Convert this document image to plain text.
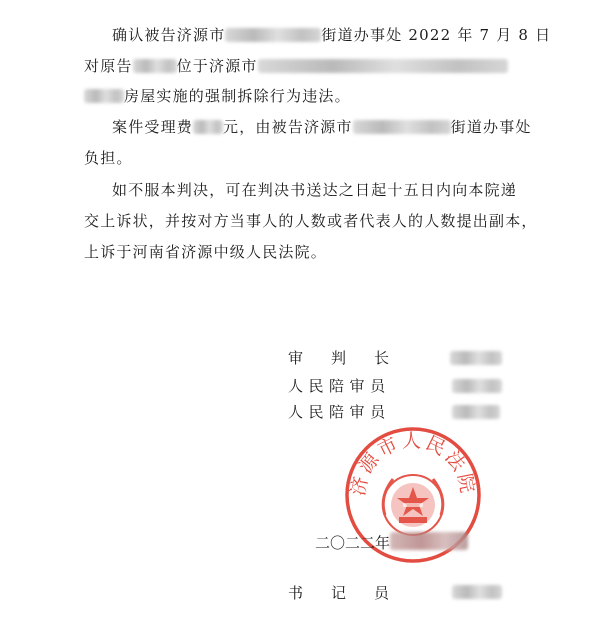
确认被告济源市	街道办事处 2022 年 7 月 8 日
对原告	位于济源市
房屋实施的强制拆除行为违法。
案件受理费 元，由被告济源市	街道办事处
负担。
如不服本判决，可在判决书送达之日起十五日内向本院递
交上诉状，并按对方当事人的人数或者代表人的人数提出副本，
上诉于河南省济源中级人民法院。
审 判 长
人民陪审员
人民陪审员
济源市人民法院
二〇二二年
书 记 员
